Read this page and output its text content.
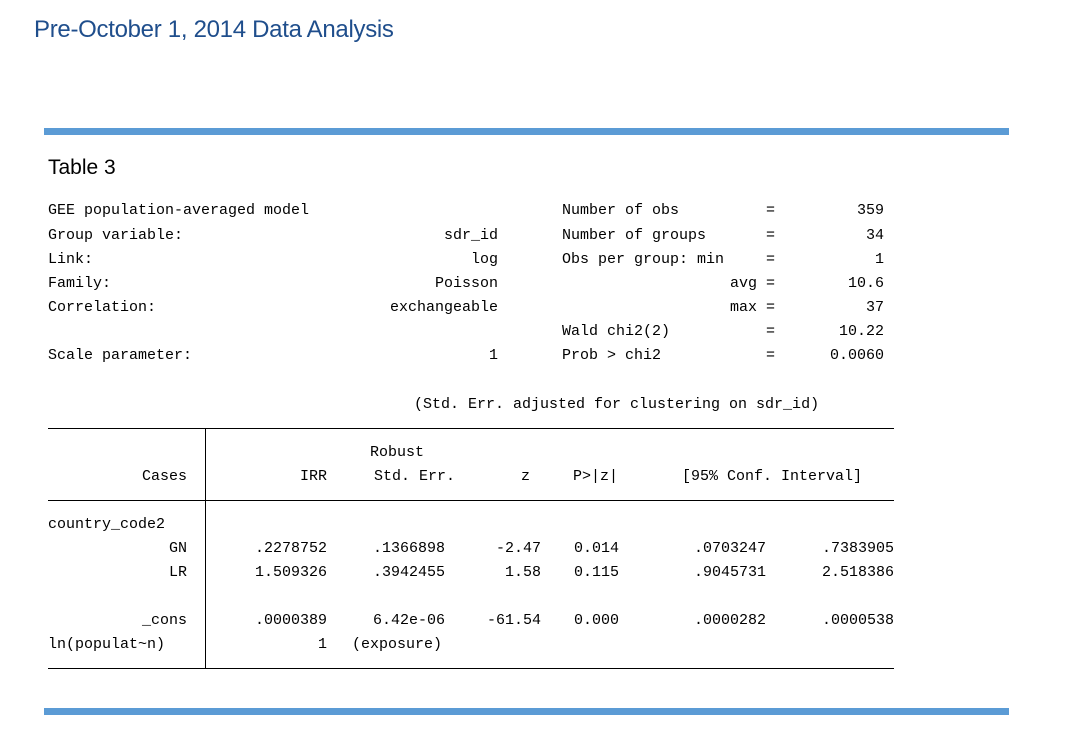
Pre-October 1, 2014 Data Analysis
Table 3
GEE population-averaged model
Group variable:	sdr_id
Link:	log
Family:	Poisson
Correlation:	exchangeable
Scale parameter:	1
Number of obs	=	359
Number of groups	=	34
Obs per group: min	=	1
avg =	10.6
max =	37
Wald chi2(2)	=	10.22
Prob > chi2	=	0.0060
(Std. Err. adjusted for clustering on sdr_id)
Robust
Cases	IRR	Std. Err.	z	P>|z|	[95% Conf. Interval]
country_code2
GN	.2278752	.1366898	-2.47 0.014	.0703247	.7383905
LR	1.509326	.3942455	1.58 0.115	.9045731	2.518386
_cons	.0000389	6.42e-06	-61.54 0.000	.0000282	.0000538
ln(populat~n)	1 (exposure)
